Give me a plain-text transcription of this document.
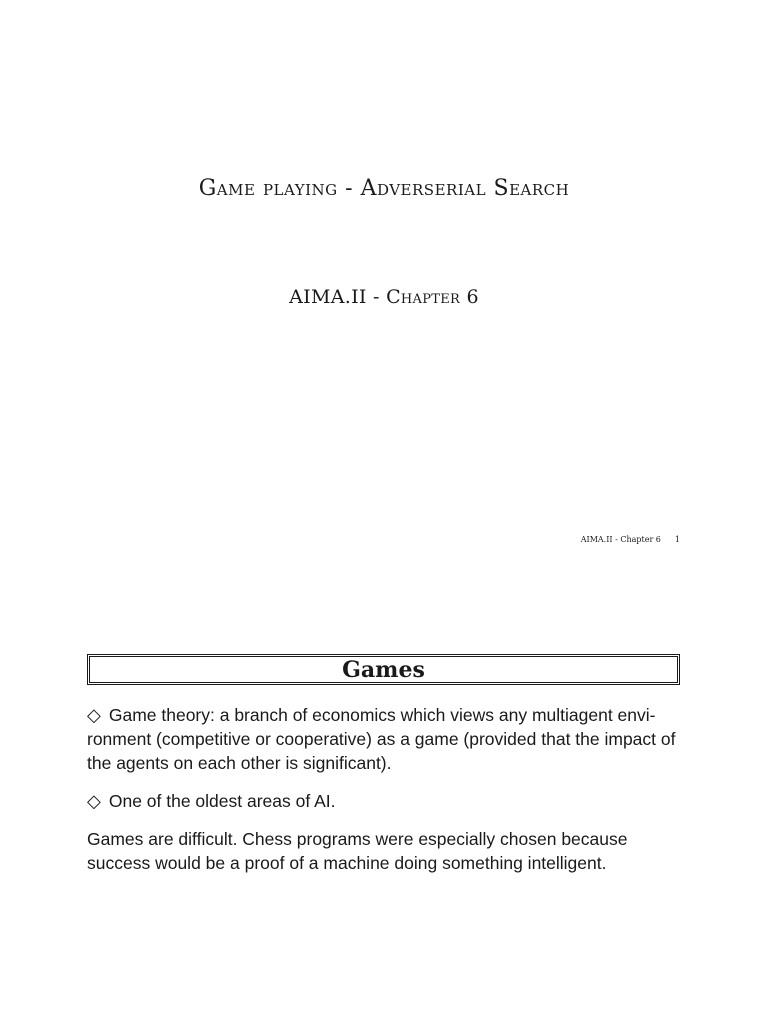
Game playing - Adverserial Search
AIMA.II - Chapter 6
AIMA.II - Chapter 6 1
Games

◇ Game theory: a branch of economics which views any multiagent envi-ronment (competitive or cooperative) as a game (provided that the impact of the agents on each other is significant).

◇ One of the oldest areas of AI.

Games are difficult. Chess programs were especially chosen because success would be a proof of a machine doing something intelligent.
